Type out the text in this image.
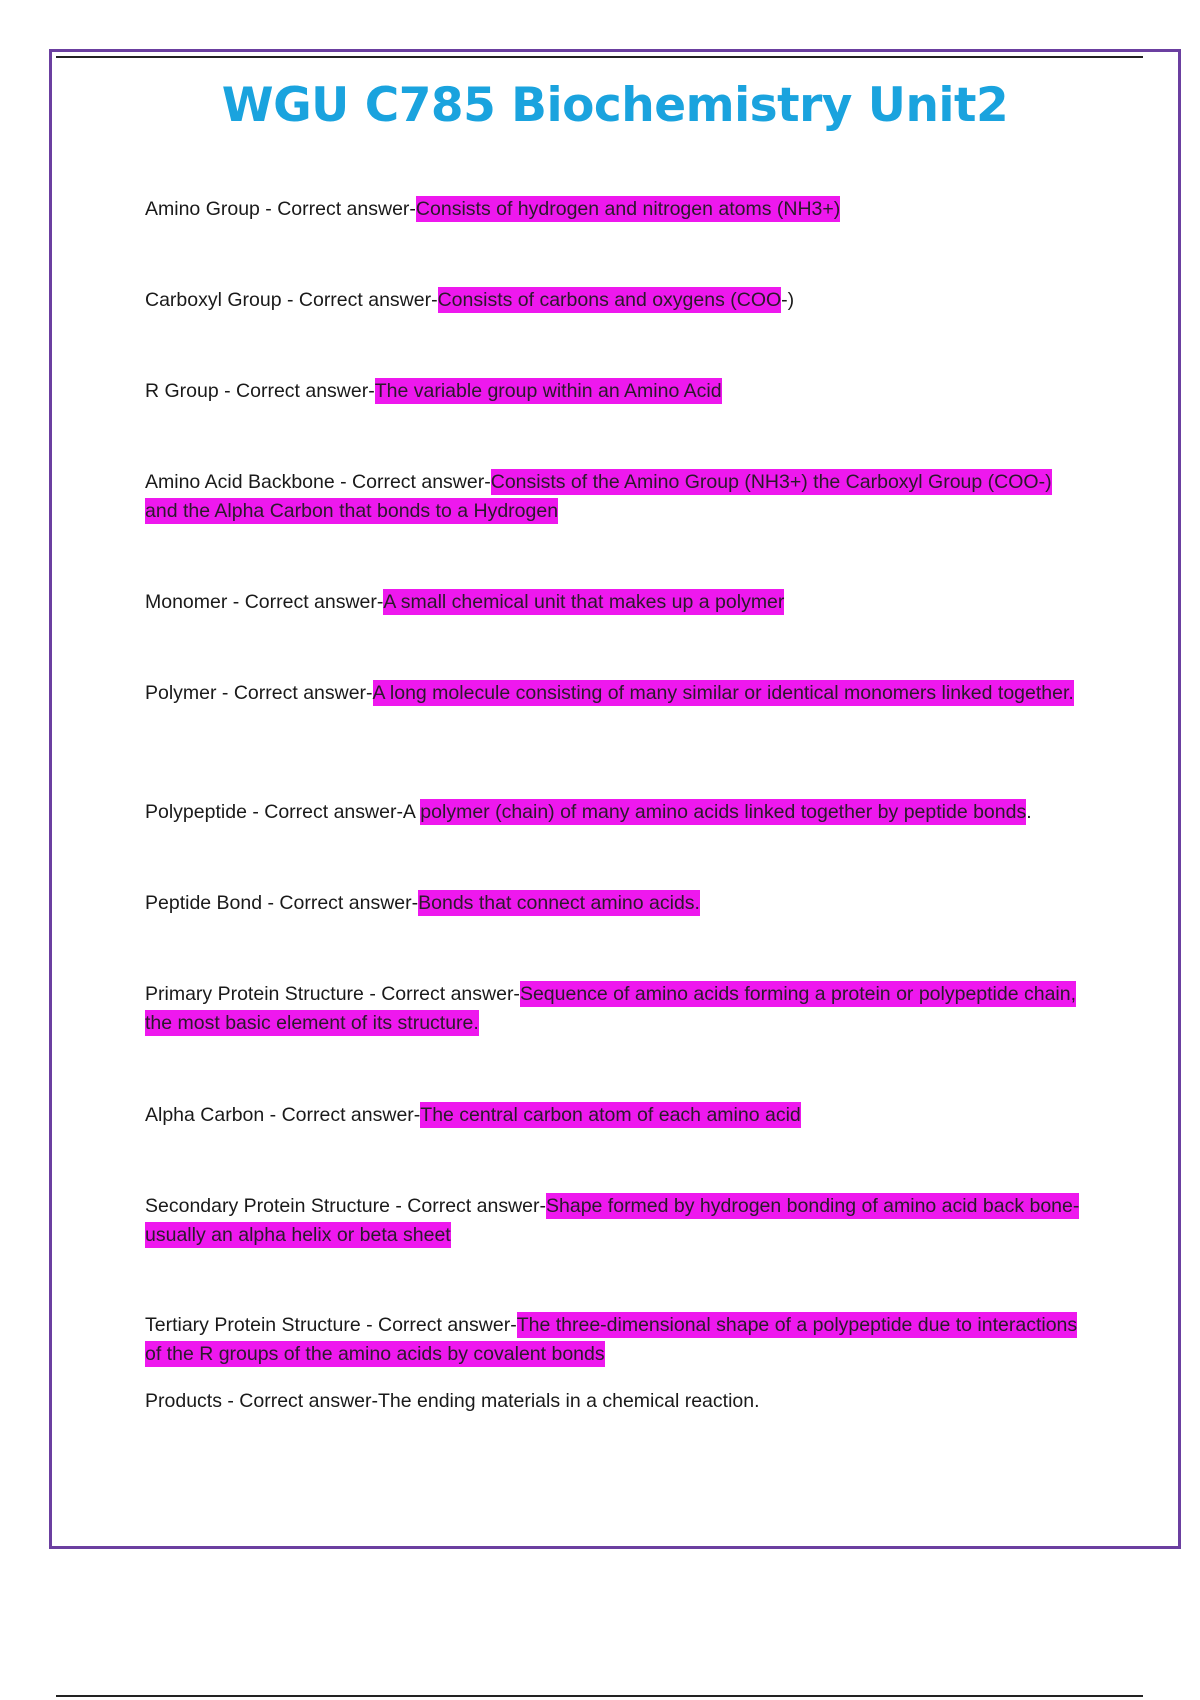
WGU C785 Biochemistry Unit2

Amino Group - Correct answer-Consists of hydrogen and nitrogen atoms (NH3+)

Carboxyl Group - Correct answer-Consists of carbons and oxygens (COO-)

R Group - Correct answer-The variable group within an Amino Acid

Amino Acid Backbone - Correct answer-Consists of the Amino Group (NH3+) the Carboxyl Group (COO-) and the Alpha Carbon that bonds to a Hydrogen

Monomer - Correct answer-A small chemical unit that makes up a polymer

Polymer - Correct answer-A long molecule consisting of many similar or identical monomers linked together.

Polypeptide - Correct answer-A polymer (chain) of many amino acids linked together by peptide bonds.

Peptide Bond - Correct answer-Bonds that connect amino acids.

Primary Protein Structure - Correct answer-Sequence of amino acids forming a protein or polypeptide chain, the most basic element of its structure.

Alpha Carbon - Correct answer-The central carbon atom of each amino acid

Secondary Protein Structure - Correct answer-Shape formed by hydrogen bonding of amino acid back bone- usually an alpha helix or beta sheet

Tertiary Protein Structure - Correct answer-The three-dimensional shape of a polypeptide due to interactions of the R groups of the amino acids by covalent bonds

Products - Correct answer-The ending materials in a chemical reaction.
